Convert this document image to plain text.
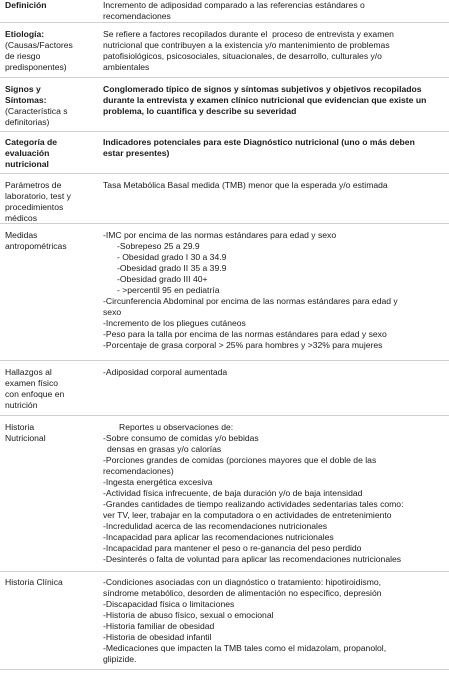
Definición	Incremento de adiposidad comparado a las referencias estándares o
recomendaciones
Etiología:
(Causas/Factores
de riesgo
predisponentes)
Se refiere a factores recopilados durante el  proceso de entrevista y examen
nutricional que contribuyen a la existencia y/o mantenimiento de problemas
patofisiológicos, psicosociales, situacionales, de desarrollo, culturales y/o
ambientales
Signos y
Síntomas:
(Característica s
definitorias)
Conglomerado típico de signos y síntomas subjetivos y objetivos recopilados
durante la entrevista y examen clínico nutricional que evidencian que existe un
problema, lo cuantifica y describe su severidad
Categoría de
evaluación
nutricional
Indicadores potenciales para este Diagnóstico nutricional (uno o más deben
estar presentes)
Parámetros de
laboratorio, test y
procedimientos
médicos
Tasa Metabólica Basal medida (TMB) menor que la esperada y/o estimada
Medidas
antropométricas
-IMC por encima de las normas estándares para edad y sexo
-Sobrepeso 25 a 29.9
- Obesidad grado I 30 a 34.9
-Obesidad grado II 35 a 39.9
-Obesidad grado III 40+
- >percentil 95 en pediatría
-Circunferencia Abdominal por encima de las normas estándares para edad y
sexo
-Incremento de los pliegues cutáneos
-Peso para la talla por encima de las normas estándares para edad y sexo
-Porcentaje de grasa corporal > 25% para hombres y >32% para mujeres
Hallazgos al
examen físico
con enfoque en
nutrición
-Adiposidad corporal aumentada
Historia
Nutricional
Reportes u observaciones de:
-Sobre consumo de comidas y/o bebidas
densas en grasas y/o calorías
-Porciones grandes de comidas (porciones mayores que el doble de las
recomendaciones)
-Ingesta energética excesiva
-Actividad física infrecuente, de baja duración y/o de baja intensidad
-Grandes cantidades de tiempo realizando actividades sedentarias tales como:
ver TV, leer, trabajar en la computadora o en actividades de entretenimiento
-Incredulidad acerca de las recomendaciones nutricionales
-Incapacidad para aplicar las recomendaciones nutricionales
-Incapacidad para mantener el peso o re-ganancia del peso perdido
-Desinterés o falta de voluntad para aplicar las recomendaciones nutricionales
Historia Clínica	-Condiciones asociadas con un diagnóstico o tratamiento: hipotiroidismo,
síndrome metabólico, desorden de alimentación no específico, depresión
-Discapacidad física o limitaciones
-Historia de abuso físico, sexual o emocional
-Historia familiar de obesidad
-Historia de obesidad infantil
-Medicaciones que impacten la TMB tales como el midazolam, propanolol,
glipizide.
